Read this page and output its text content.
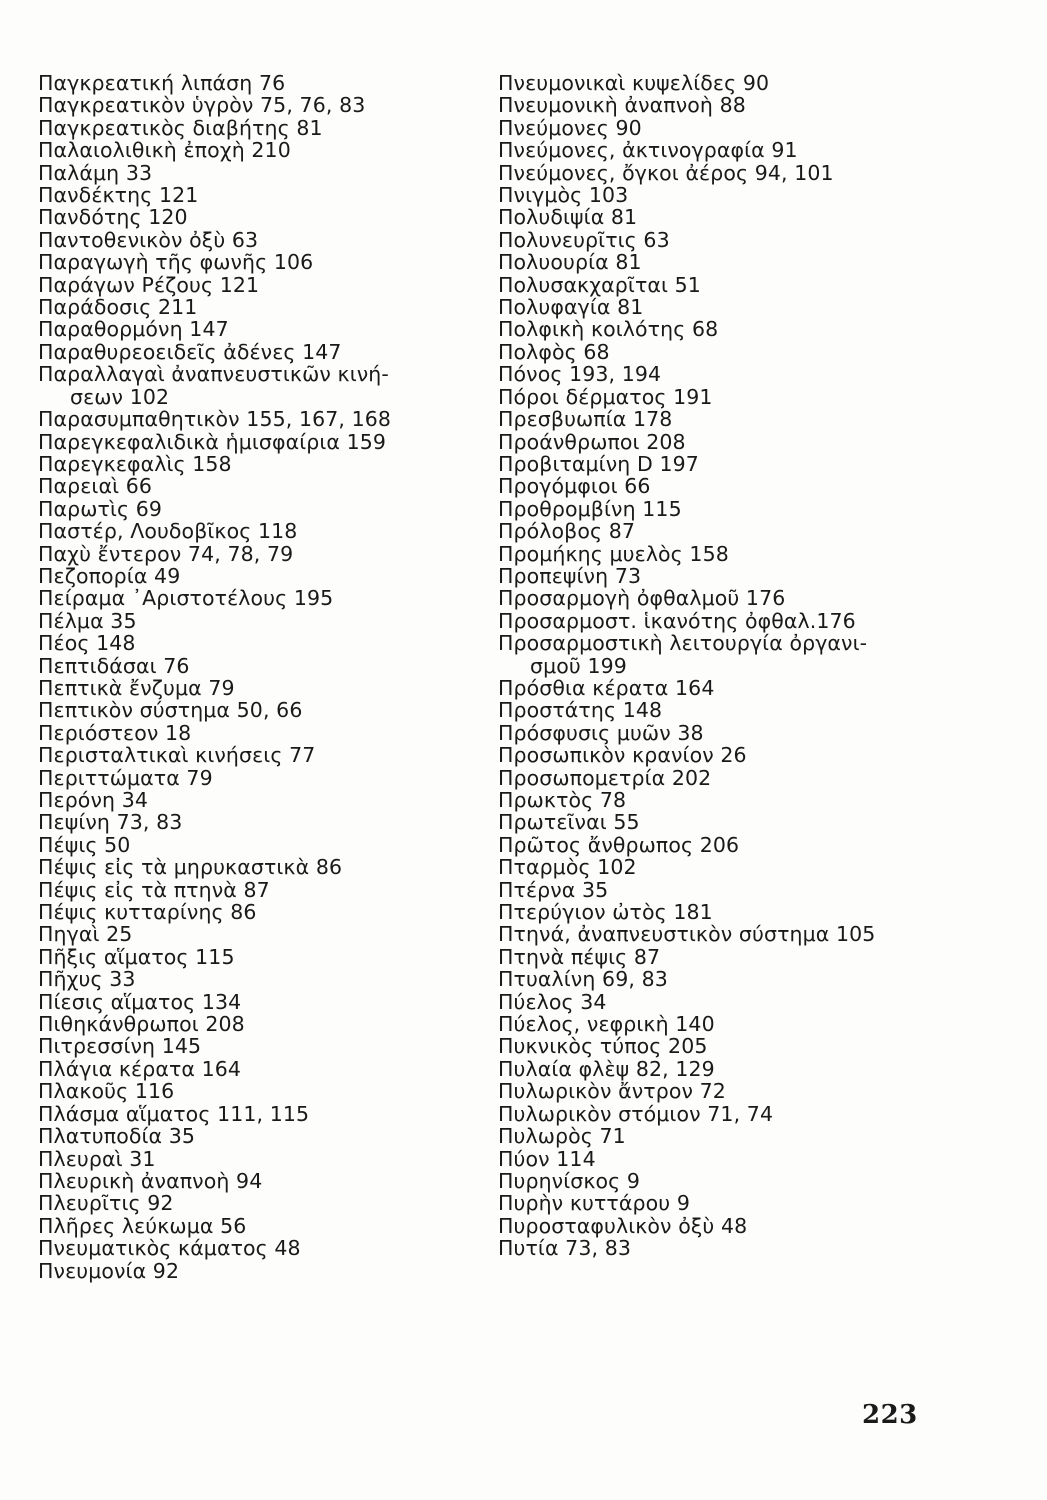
Παγκρεατική λιπάση 76

Παγκρεατικὸν ὑγρὸν 75, 76, 83

Παγκρεατικὸς διαβήτης 81

Παλαιολιθικὴ ἐποχὴ 210

Παλάμη 33

Πανδέκτης 121

Πανδότης 120

Παντοθενικὸν ὀξὺ 63

Παραγωγὴ τῆς φωνῆς 106

Παράγων Ρέζους 121

Παράδοσις 211

Παραθορμόνη 147

Παραθυρεοειδεῖς ἀδένες 147

Παραλλαγαὶ ἀναπνευστικῶν κινή-
σεων 102

Παρασυμπαθητικὸν 155, 167, 168

Παρεγκεφαλιδικὰ ἡμισφαίρια 159

Παρεγκεφαλὶς 158

Παρειαὶ 66

Παρωτὶς 69

Παστέρ, Λουδοβῖκος 118

Παχὺ ἔντερον 74, 78, 79

Πεζοπορία 49

Πείραμα ᾿Αριστοτέλους 195

Πέλμα 35

Πέος 148

Πεπτιδάσαι 76

Πεπτικὰ ἔνζυμα 79

Πεπτικὸν σύστημα 50, 66

Περιόστεον 18

Περισταλτικαὶ κινήσεις 77

Περιττώματα 79

Περόνη 34

Πεψίνη 73, 83

Πέψις 50

Πέψις εἰς τὰ μηρυκαστικὰ 86

Πέψις εἰς τὰ πτηνὰ 87

Πέψις κυτταρίνης 86

Πηγαὶ 25

Πῆξις αἵματος 115

Πῆχυς 33

Πίεσις αἵματος 134

Πιθηκάνθρωποι 208

Πιτρεσσίνη 145

Πλάγια κέρατα 164

Πλακοῦς 116

Πλάσμα αἵματος 111, 115

Πλατυποδία 35

Πλευραὶ 31

Πλευρικὴ ἀναπνοὴ 94

Πλευρῖτις 92

Πλῆρες λεύκωμα 56

Πνευματικὸς κάματος 48

Πνευμονία 92

Πνευμονικαὶ κυψελίδες 90

Πνευμονικὴ ἀναπνοὴ 88

Πνεύμονες 90

Πνεύμονες, ἀκτινογραφία 91

Πνεύμονες, ὄγκοι ἀέρος 94, 101

Πνιγμὸς 103

Πολυδιψία 81

Πολυνευρῖτις 63

Πολυουρία 81

Πολυσακχαρῖται 51

Πολυφαγία 81

Πολφικὴ κοιλότης 68

Πολφὸς 68

Πόνος 193, 194

Πόροι δέρματος 191

Πρεσβυωπία 178

Προάνθρωποι 208

Προβιταμίνη D 197

Προγόμφιοι 66

Προθρομβίνη 115

Πρόλοβος 87

Προμήκης μυελὸς 158

Προπεψίνη 73

Προσαρμογὴ ὀφθαλμοῦ 176

Προσαρμοστ. ἱκανότης ὀφθαλ.176

Προσαρμοστικὴ λειτουργία ὀργανι-
σμοῦ 199

Πρόσθια κέρατα 164

Προστάτης 148

Πρόσφυσις μυῶν 38

Προσωπικὸν κρανίον 26

Προσωπομετρία 202

Πρωκτὸς 78

Πρωτεῖναι 55

Πρῶτος ἄνθρωπος 206

Πταρμὸς 102

Πτέρνα 35

Πτερύγιον ὠτὸς 181

Πτηνά, ἀναπνευστικὸν σύστημα 105

Πτηνὰ πέψις 87

Πτυαλίνη 69, 83

Πύελος 34

Πύελος, νεφρικὴ 140

Πυκνικὸς τύπος 205

Πυλαία φλὲψ 82, 129

Πυλωρικὸν ἄντρον 72

Πυλωρικὸν στόμιον 71, 74

Πυλωρὸς 71

Πύον 114

Πυρηνίσκος 9

Πυρὴν κυττάρου 9

Πυροσταφυλικὸν ὀξὺ 48

Πυτία 73, 83

223
